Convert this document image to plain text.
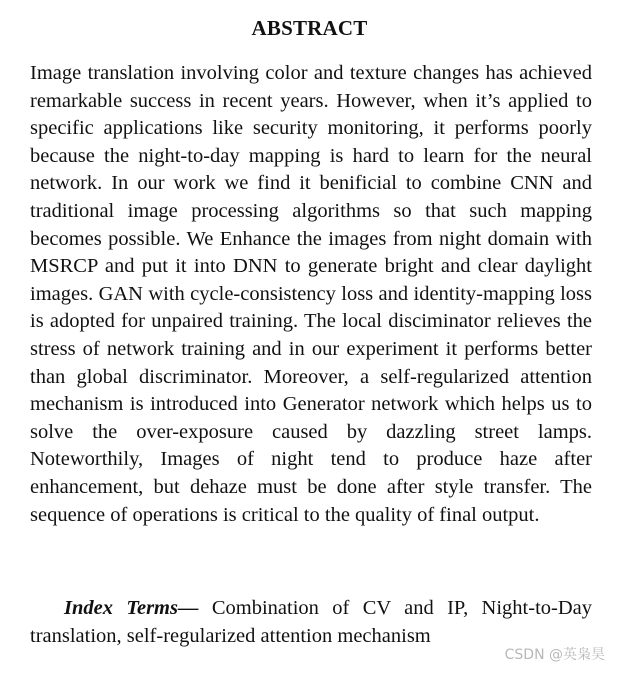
ABSTRACT

Image translation involving color and texture changes has achieved remarkable success in recent years. However, when it’s applied to specific applications like security monitoring, it performs poorly because the night-to-day mapping is hard to learn for the neural network. In our work we find it benificial to combine CNN and traditional image processing algorithms so that such mapping becomes possible. We Enhance the images from night domain with MSRCP and put it into DNN to generate bright and clear daylight images. GAN with cycle-consistency loss and identity-mapping loss is adopted for unpaired training. The local disciminator relieves the stress of network training and in our experiment it performs better than global discriminator. Moreover, a self-regularized attention mechanism is introduced into Generator network which helps us to solve the over-exposure caused by dazzling street lamps. Noteworthily, Images of night tend to produce haze after enhancement, but dehaze must be done after style transfer. The sequence of operations is critical to the quality of final output.

Index Terms— Combination of CV and IP, Night-to-Day translation, self-regularized attention mechanism

CSDN @英枭昊
